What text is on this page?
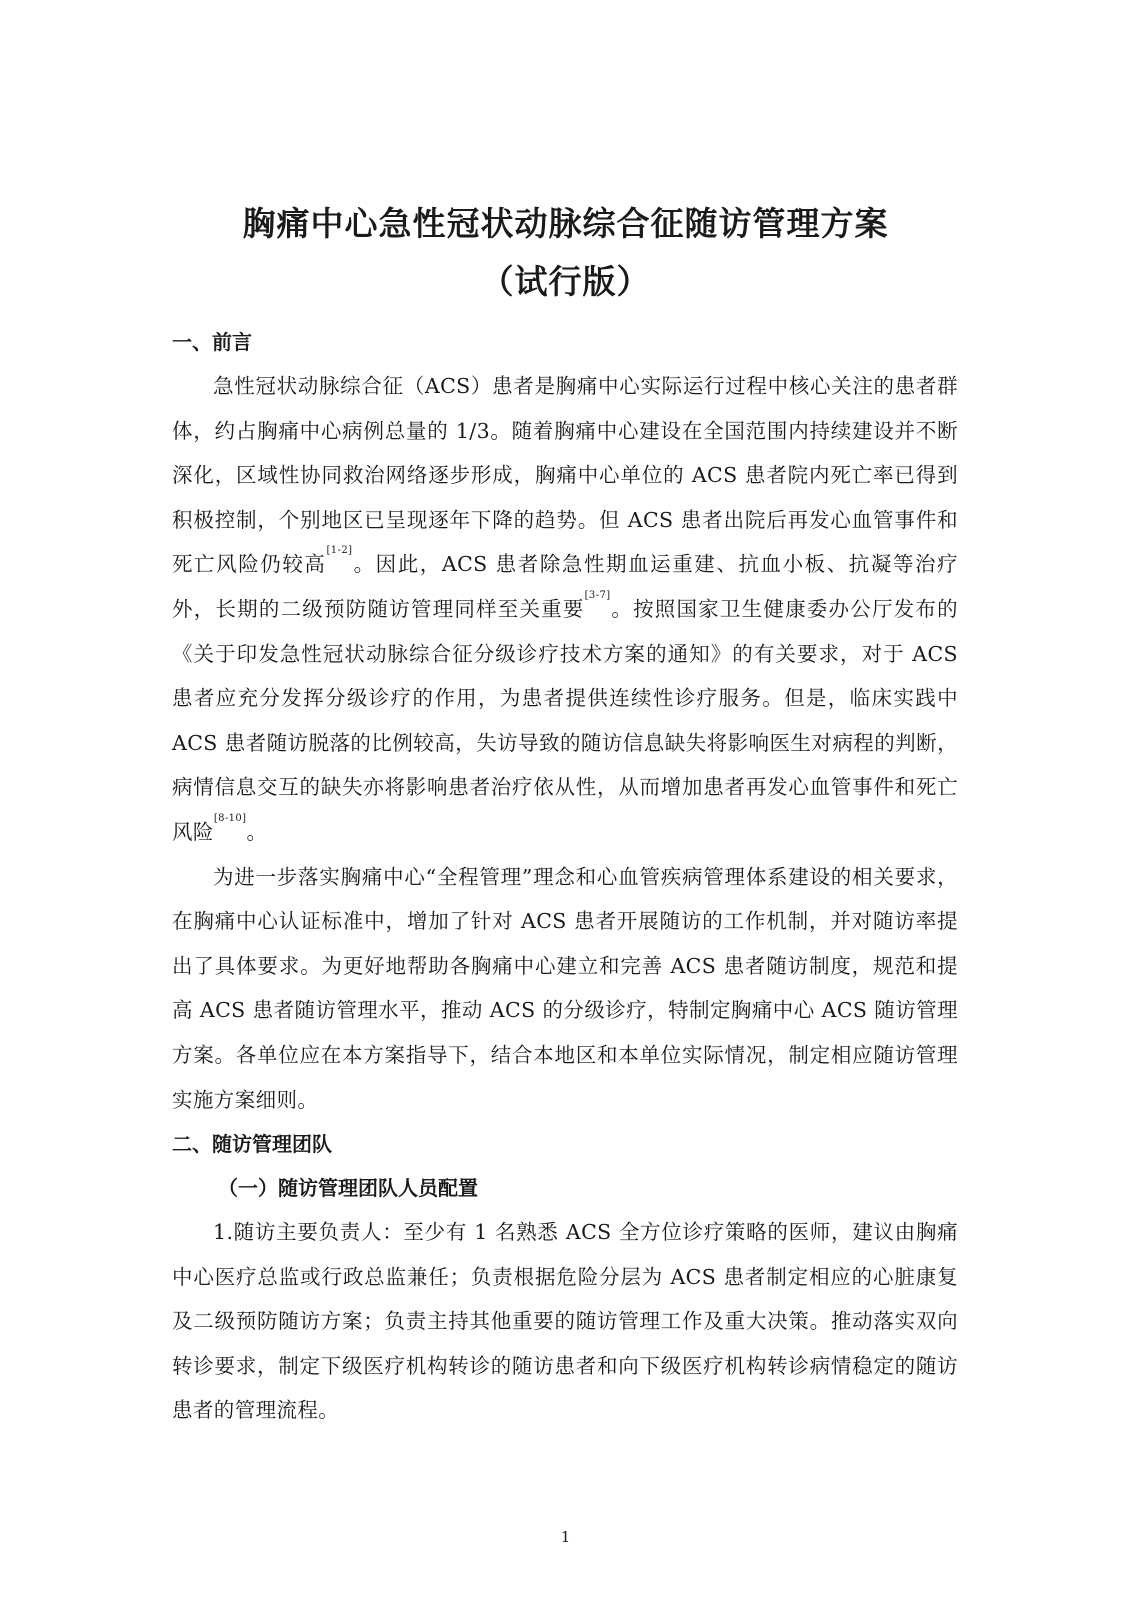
胸痛中心急性冠状动脉综合征随访管理方案

（试行版）

一、前言

急性冠状动脉综合征（ACS）患者是胸痛中心实际运行过程中核心关注的患者群体，约占胸痛中心病例总量的 1/3。随着胸痛中心建设在全国范围内持续建设并不断深化，区域性协同救治网络逐步形成，胸痛中心单位的 ACS 患者院内死亡率已得到积极控制，个别地区已呈现逐年下降的趋势。但 ACS 患者出院后再发心血管事件和死亡风险仍较高[1-2]。因此，ACS 患者除急性期血运重建、抗血小板、抗凝等治疗外，长期的二级预防随访管理同样至关重要[3-7]。按照国家卫生健康委办公厅发布的《关于印发急性冠状动脉综合征分级诊疗技术方案的通知》的有关要求，对于 ACS 患者应充分发挥分级诊疗的作用，为患者提供连续性诊疗服务。但是，临床实践中 ACS 患者随访脱落的比例较高，失访导致的随访信息缺失将影响医生对病程的判断，病情信息交互的缺失亦将影响患者治疗依从性，从而增加患者再发心血管事件和死亡风险[8-10]。

为进一步落实胸痛中心“全程管理”理念和心血管疾病管理体系建设的相关要求，在胸痛中心认证标准中，增加了针对 ACS 患者开展随访的工作机制，并对随访率提出了具体要求。为更好地帮助各胸痛中心建立和完善 ACS 患者随访制度，规范和提高 ACS 患者随访管理水平，推动 ACS 的分级诊疗，特制定胸痛中心 ACS 随访管理方案。各单位应在本方案指导下，结合本地区和本单位实际情况，制定相应随访管理实施方案细则。

二、随访管理团队

（一）随访管理团队人员配置

1.随访主要负责人：至少有 1 名熟悉 ACS 全方位诊疗策略的医师，建议由胸痛中心医疗总监或行政总监兼任；负责根据危险分层为 ACS 患者制定相应的心脏康复及二级预防随访方案；负责主持其他重要的随访管理工作及重大决策。推动落实双向转诊要求，制定下级医疗机构转诊的随访患者和向下级医疗机构转诊病情稳定的随访患者的管理流程。

1
